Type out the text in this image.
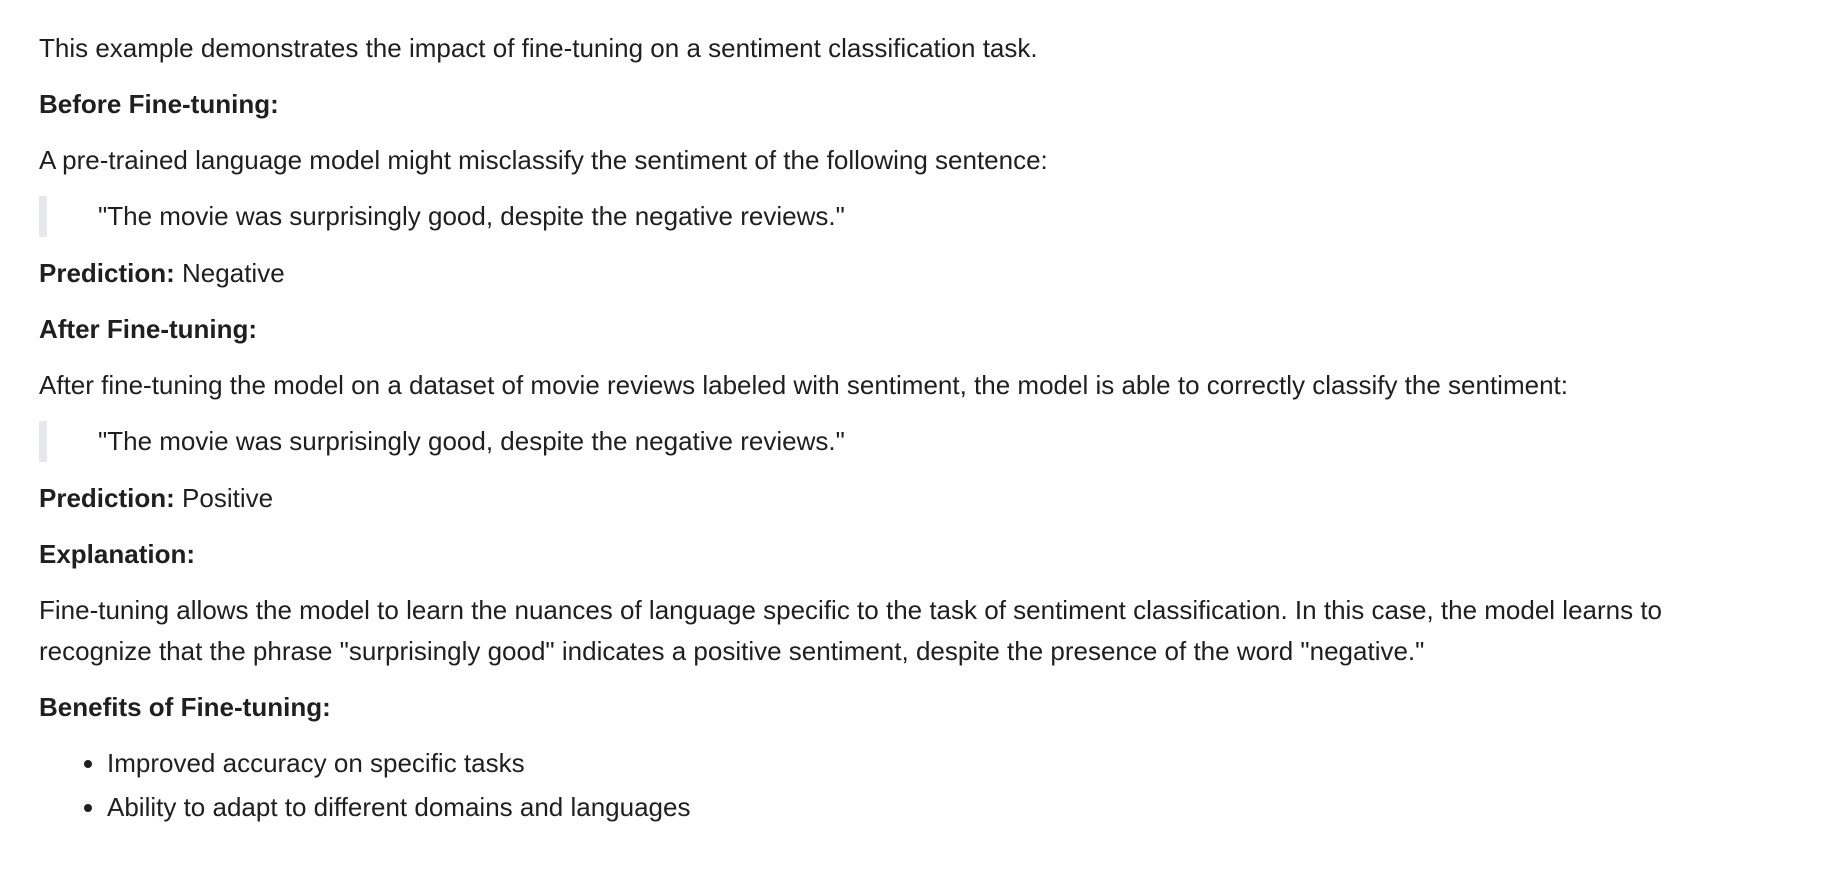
This example demonstrates the impact of fine-tuning on a sentiment classification task.

Before Fine-tuning:

A pre-trained language model might misclassify the sentiment of the following sentence:

"The movie was surprisingly good, despite the negative reviews."

Prediction: Negative

After Fine-tuning:

After fine-tuning the model on a dataset of movie reviews labeled with sentiment, the model is able to correctly classify the sentiment:

"The movie was surprisingly good, despite the negative reviews."

Prediction: Positive

Explanation:

Fine-tuning allows the model to learn the nuances of language specific to the task of sentiment classification. In this case, the model learns to recognize that the phrase "surprisingly good" indicates a positive sentiment, despite the presence of the word "negative."

Benefits of Fine-tuning:

• Improved accuracy on specific tasks
• Ability to adapt to different domains and languages
